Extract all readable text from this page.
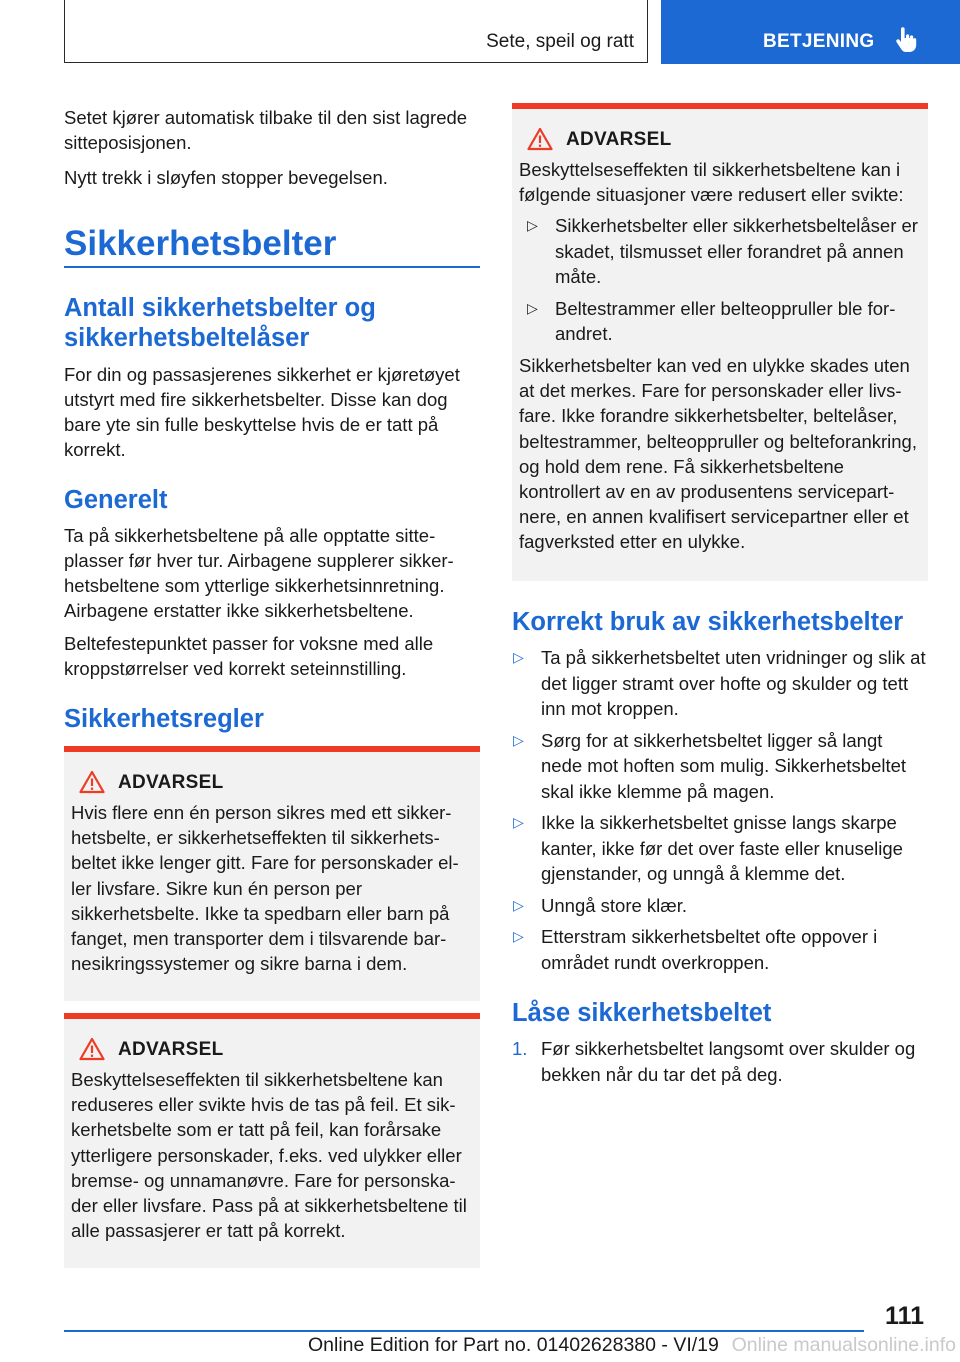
Sete, speil og ratt	BETJENING

Setet kjører automatisk tilbake til den sist lagrede sitteposisjonen.

Nytt trekk i sløyfen stopper bevegelsen.

Sikkerhetsbelter
Antall sikkerhetsbelter og sikkerhetsbeltelåser

For din og passasjerenes sikkerhet er kjøretøyet utstyrt med fire sikkerhetsbelter. Disse kan dog bare yte sin fulle beskyttelse hvis de er tatt på korrekt.

Generelt

Ta på sikkerhetsbeltene på alle opptatte sitteplasser før hver tur. Airbagene supplerer sikkerhetsbeltene som ytterlige sikkerhetsinnretning. Airbagene erstatter ikke sikkerhetsbeltene.

Beltefestepunktet passer for voksne med alle kroppstørrelser ved korrekt seteinnstilling.

Sikkerhetsregler
ADVARSEL

Hvis flere enn én person sikres med ett sikkerhetsbelte, er sikkerhetseffekten til sikkerhetsbeltet ikke lenger gitt. Fare for personskader eller livsfare. Sikre kun én person per sikkerhetsbelte. Ikke ta spedbarn eller barn på fanget, men transporter dem i tilsvarende barnesikringssystemer og sikre barna i dem.

ADVARSEL

Beskyttelseseffekten til sikkerhetsbeltene kan reduseres eller svikte hvis de tas på feil. Et sikkerhetsbelte som er tatt på feil, kan forårsake ytterligere personskader, f.eks. ved ulykker eller bremse- og unnamanøvre. Fare for personskader eller livsfare. Pass på at sikkerhetsbeltene til alle passasjerer er tatt på korrekt.

ADVARSEL

Beskyttelseseffekten til sikkerhetsbeltene kan i følgende situasjoner være redusert eller svikte:

▷ Sikkerhetsbelter eller sikkerhetsbeltelåser er skadet, tilsmusset eller forandret på annen måte.
▷ Beltestrammer eller belteoppruller ble forandret.

Sikkerhetsbelter kan ved en ulykke skades uten at det merkes. Fare for personskader eller livsfare. Ikke forandre sikkerhetsbelter, beltelåser, beltestrammer, belteoppruller og belteforankring, og hold dem rene. Få sikkerhetsbeltene kontrollert av en av produsentens servicepartnere, en annen kvalifisert servicepartner eller et fagverksted etter en ulykke.

Korrekt bruk av sikkerhetsbelter
▷ Ta på sikkerhetsbeltet uten vridninger og slik at det ligger stramt over hofte og skulder og tett inn mot kroppen.
▷ Sørg for at sikkerhetsbeltet ligger så langt nede mot hoften som mulig. Sikkerhetsbeltet skal ikke klemme på magen.
▷ Ikke la sikkerhetsbeltet gnisse langs skarpe kanter, ikke før det over faste eller knuselige gjenstander, og unngå å klemme det.
▷ Unngå store klær.
▷ Etterstram sikkerhetsbeltet ofte oppover i området rundt overkroppen.
Låse sikkerhetsbeltet
1. Før sikkerhetsbeltet langsomt over skulder og bekken når du tar det på deg.
111
Online Edition for Part no. 01402628380 - VI/19 Online manualsonline.info
